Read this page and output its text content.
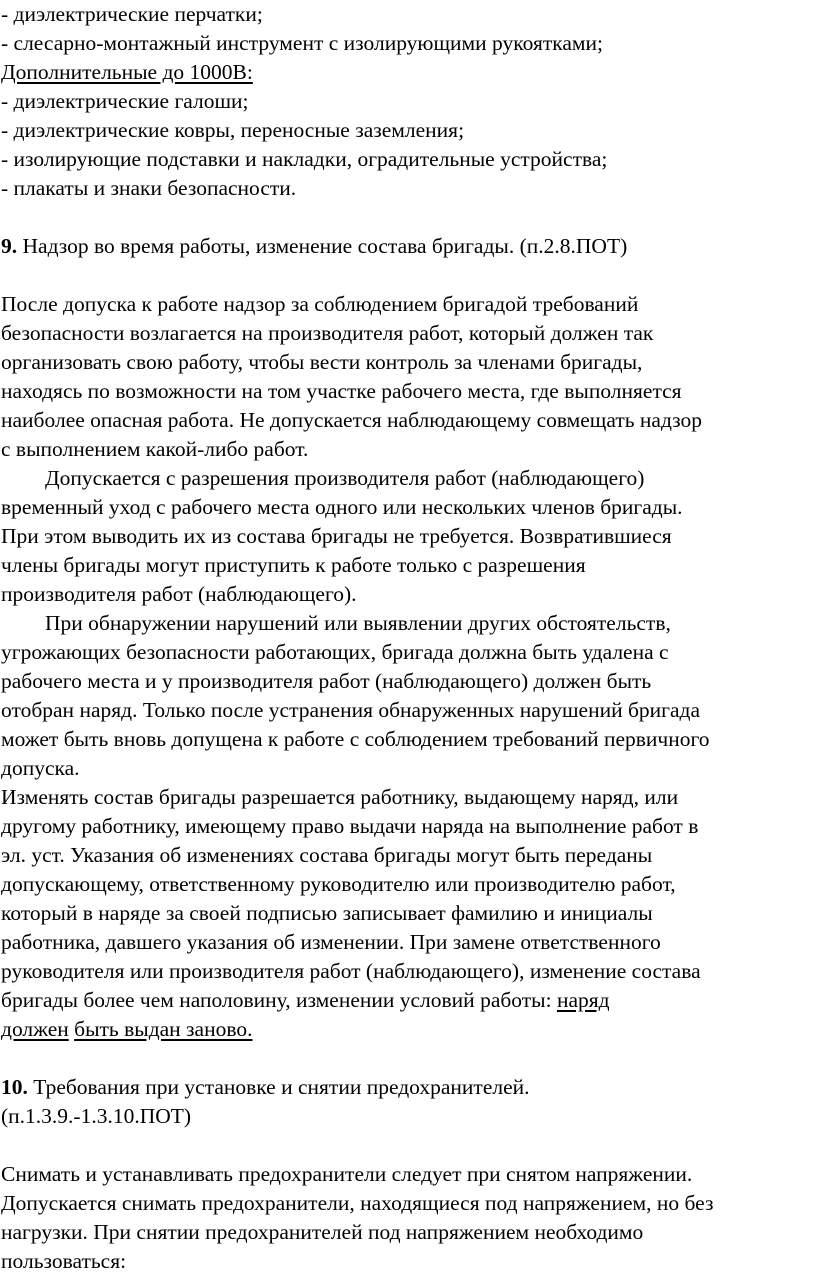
- диэлектрические перчатки;
- слесарно-монтажный инструмент с изолирующими рукоятками;
Дополнительные до 1000В:
- диэлектрические галоши;
- диэлектрические ковры, переносные заземления;
- изолирующие подставки и накладки, оградительные устройства;
- плакаты и знаки безопасности.
9. Надзор во время работы, изменение состава бригады. (п.2.8.ПОТ)
После допуска к работе надзор за соблюдением бригадой требований
безопасности возлагается на производителя работ, который должен так
организовать свою работу, чтобы вести контроль за членами бригады,
находясь по возможности на том участке рабочего места, где выполняется
наиболее опасная работа. Не допускается наблюдающему совмещать надзор
с выполнением какой-либо работ.
Допускается с разрешения производителя работ (наблюдающего)
временный уход с рабочего места одного или нескольких членов бригады.
При этом выводить их из состава бригады не требуется. Возвратившиеся
члены бригады могут приступить к работе только с разрешения
производителя работ (наблюдающего).
При обнаружении нарушений или выявлении других обстоятельств,
угрожающих безопасности работающих, бригада должна быть удалена с
рабочего места и у производителя работ (наблюдающего) должен быть
отобран наряд. Только после устранения обнаруженных нарушений бригада
может быть вновь допущена к работе с соблюдением требований первичного
допуска.
Изменять состав бригады разрешается работнику, выдающему наряд, или
другому работнику, имеющему право выдачи наряда на выполнение работ в
эл. уст. Указания об изменениях состава бригады могут быть переданы
допускающему, ответственному руководителю или производителю работ,
который в наряде за своей подписью записывает фамилию и инициалы
работника, давшего указания об изменении. При замене ответственного
руководителя или производителя работ (наблюдающего), изменение состава
бригады более чем наполовину, изменении условий работы: наряд
должен быть выдан заново.
10. Требования при установке и снятии предохранителей.
(п.1.3.9.-1.3.10.ПОТ)
Снимать и устанавливать предохранители следует при снятом напряжении.
Допускается снимать предохранители, находящиеся под напряжением, но без
нагрузки. При снятии предохранителей под напряжением необходимо
пользоваться:
